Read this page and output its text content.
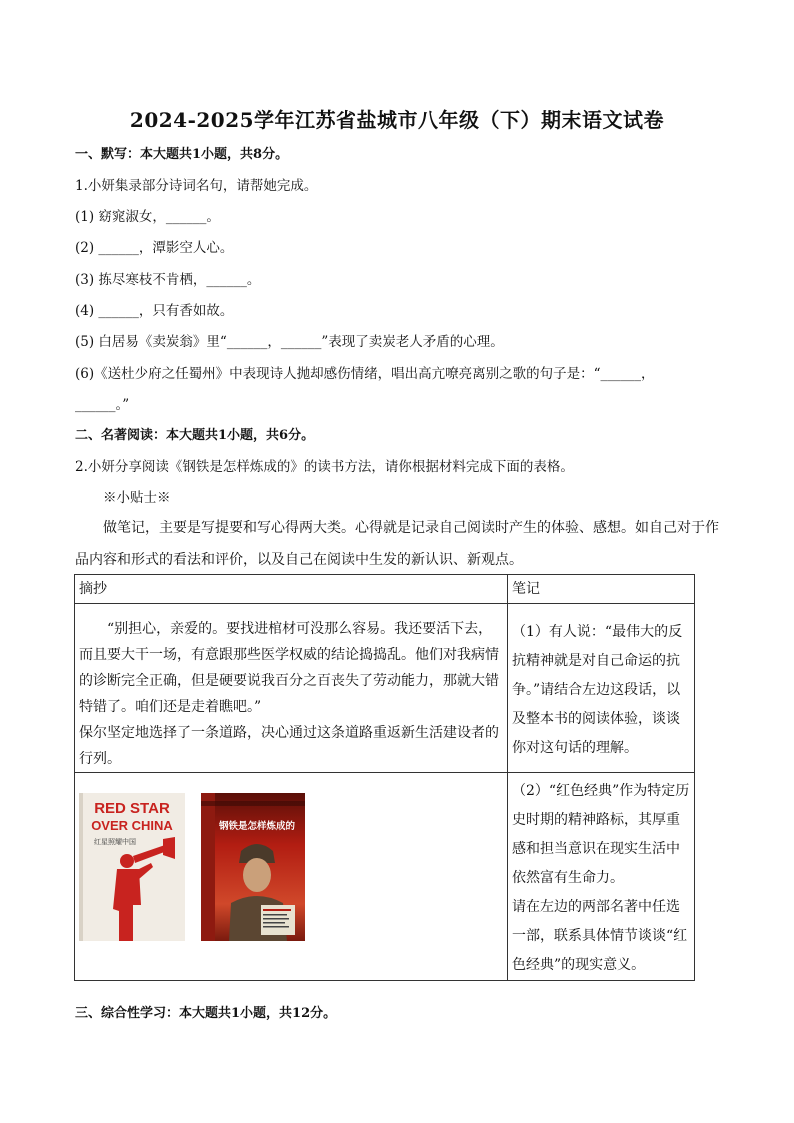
2024-2025学年江苏省盐城市八年级（下）期末语文试卷
一、默写：本大题共1小题，共8分。
1.小妍集录部分诗词名句，请帮她完成。
(1) 窈窕淑女，______。
(2) ______，潭影空人心。
(3) 拣尽寒枝不肯栖，______。
(4) ______，只有香如故。
(5) 白居易《卖炭翁》里“______，______”表现了卖炭老人矛盾的心理。
(6)《送杜少府之任蜀州》中表现诗人抛却感伤情绪，唱出高亢嘹亮离别之歌的句子是：“______，
______。”
二、名著阅读：本大题共1小题，共6分。
2.小妍分享阅读《钢铁是怎样炼成的》的读书方法，请你根据材料完成下面的表格。
※小贴士※
做笔记，主要是写提要和写心得两大类。心得就是记录自己阅读时产生的体验、感想。如自己对于作品内容和形式的看法和评价，以及自己在阅读中生发的新认识、新观点。
摘抄	笔记

“别担心，亲爱的。要找进棺材可没那么容易。我还要活下去，而且要大干一场，有意跟那些医学权威的结论捣捣乱。他们对我病情的诊断完全正确，但是硬要说我百分之百丧失了劳动能力，那就大错特错了。咱们还是走着瞧吧。”
保尔坚定地选择了一条道路，决心通过这条道路重返新生活建设者的行列。	（1）有人说：“最伟大的反抗精神就是对自己命运的抗争。”请结合左边这段话，以及整本书的阅读体验，谈谈你对这句话的理解。

RED STAR
OVER CHINA
红星照耀中国
钢铁是怎样炼成的	（2）“红色经典”作为特定历史时期的精神路标，其厚重感和担当意识在现实生活中依然富有生命力。
请在左边的两部名著中任选一部，联系具体情节谈谈“红色经典”的现实意义。
三、综合性学习：本大题共1小题，共12分。
